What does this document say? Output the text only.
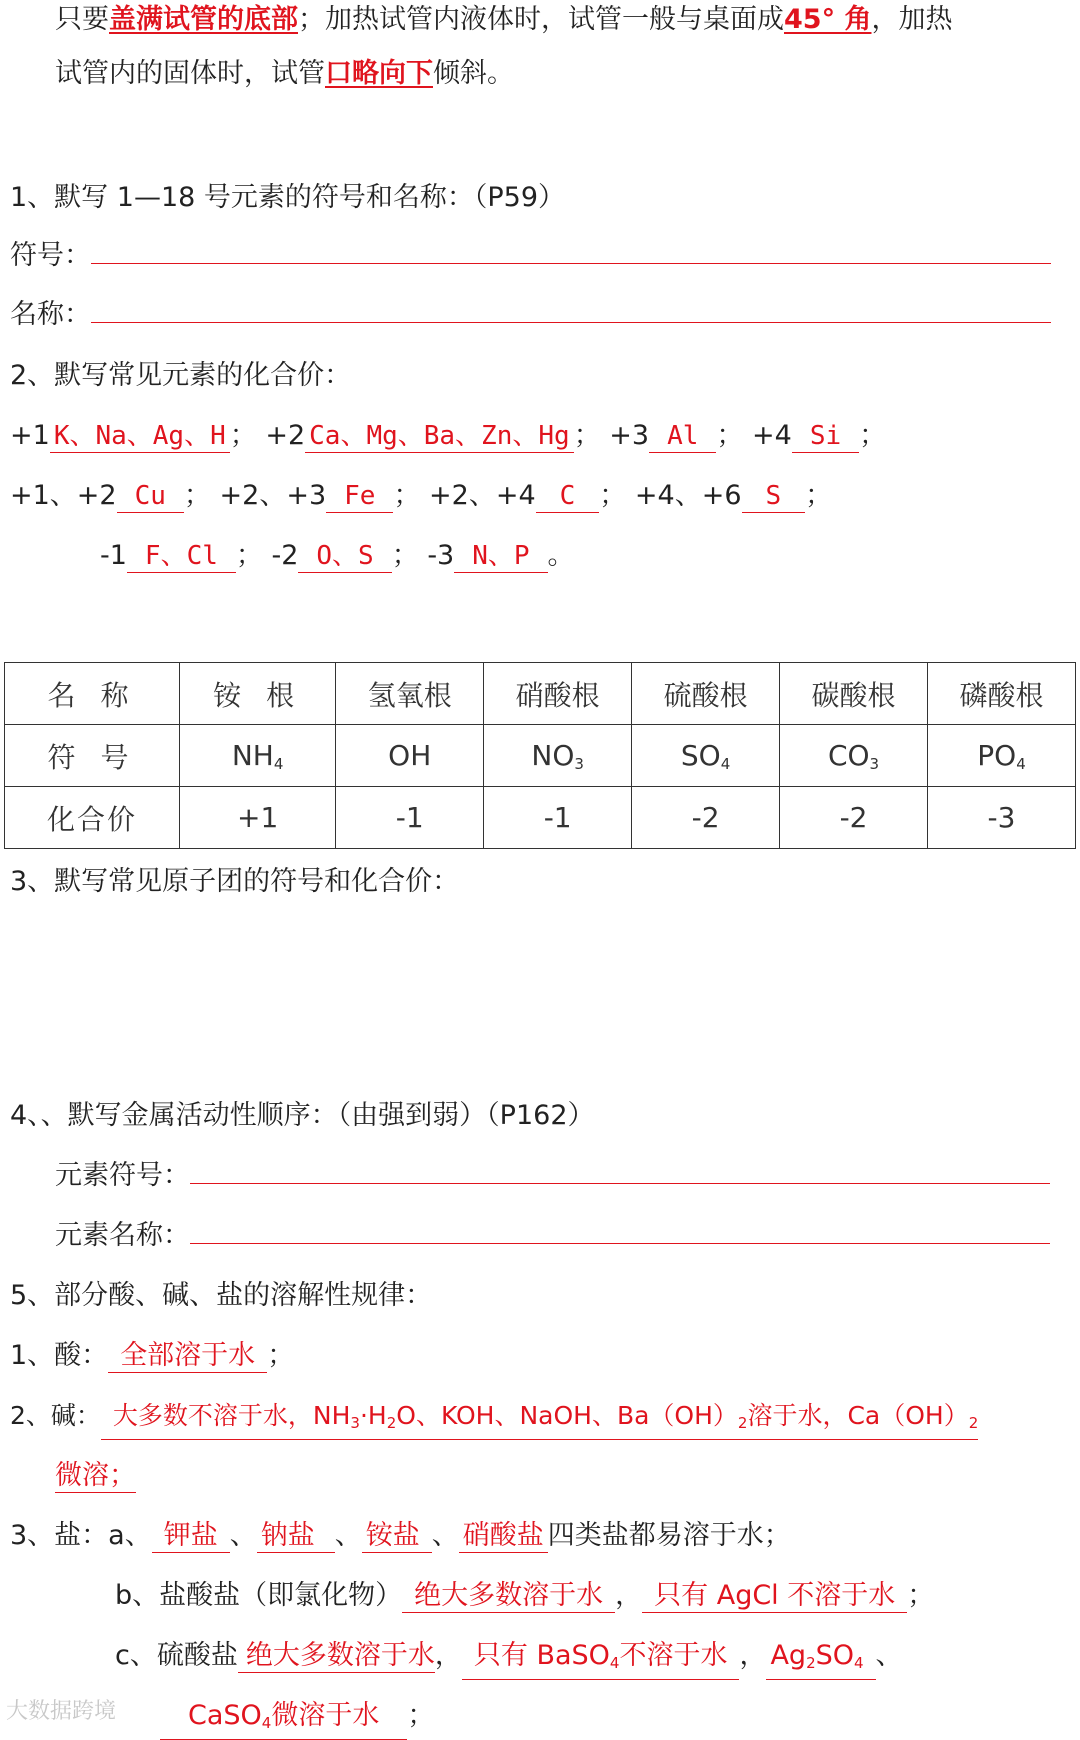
只要盖满试管的底部；加热试管内液体时，试管一般与桌面成45° 角，加热
试管内的固体时，试管口略向下倾斜。
1、默写 1—18 号元素的符号和名称：（P59）
符号：
名称：
2、默写常见元素的化合价：
+1 K、Na、Ag、H ； +2 Ca、Mg、Ba、Zn、Hg ； +3 Al ； +4 Si ；
+1、+2 Cu ； +2、+3 Fe ； +2、+4 C ； +4、+6 S ；
-1 F、Cl ； -2 O、S ； -3 N、P 。
名 称	铵 根	氢氧根	硝酸根	硫酸根	碳酸根	磷酸根
符 号	$NH_4$	OH	$NO_3$	$SO_4$	$CO_3$	$PO_4$
化合价	+1	-1	-1	-2	-2	-3
3、默写常见原子团的符号和化合价：
4、、默写金属活动性顺序：（由强到弱）（P162）
元素符号：
元素名称：
5、部分酸、碱、盐的溶解性规律：
1、酸： 全部溶于水 ；
2、碱： 大多数不溶于水，$NH_3\cdot H_2O$、KOH、NaOH、$Ba(OH)_2$溶于水，$Ca(OH)_2$
微溶；
3、盐：a、 钾盐 、 钠盐 、 铵盐 、 硝酸盐 四类盐都易溶于水；
b、盐酸盐（即氯化物） 绝大多数溶于水 ， 只有 AgCl 不溶于水 ；
c、硫酸盐 绝大多数溶于水， 只有 BaSO$_4$不溶于水 ， $Ag_2SO_4$ 、
CaSO$_4$微溶于水 ；
大数据跨境
